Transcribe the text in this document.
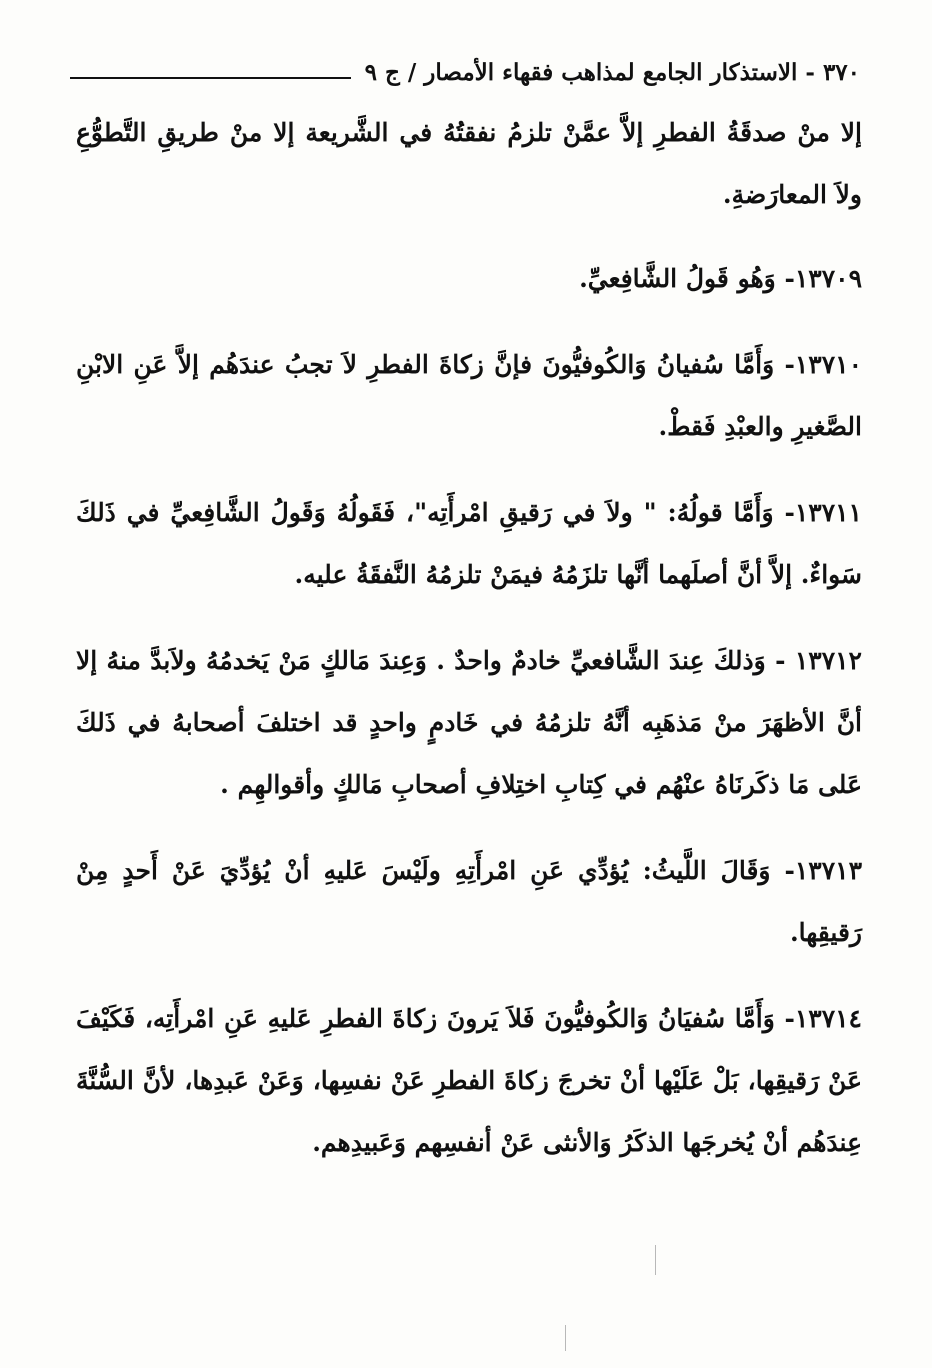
٣٧٠ - الاستذكار الجامع لمذاهب فقهاء الأمصار / ج ٩

إلا منْ صدقَةُ الفطرِ إلاَّ عمَّنْ تلزمُ نفقتُهُ في الشَّريعة إلا منْ طريقِ التَّطوُّعِ ولاَ المعارَضةِ.

١٣٧٠٩- وَهُو قَولُ الشَّافِعيِّ.

١٣٧١٠- وَأَمَّا سُفيانُ وَالكُوفيُّونَ فإنَّ زكاةَ الفطرِ لاَ تجبُ عندَهُم إلاَّ عَنِ الابْنِ الصَّغيرِ والعبْدِ فَقطْ.

١٣٧١١- وَأَمَّا قولُهُ: " ولاَ في رَقيقِ امْرأَتِه"، فَقَولُهُ وَقَولُ الشَّافِعيِّ في ذَلكَ سَواءٌ. إلاَّ أنَّ أصلَهما أنَّها تلزَمُهُ فيمَنْ تلزمُهُ النَّفقَةُ عليه.

١٣٧١٢ - وَذلكَ عِندَ الشَّافعيِّ خادمٌ واحدٌ . وَعِندَ مَالكٍ مَنْ يَخدمُهُ ولاَبدَّ منهُ إلا أنَّ الأظهَرَ منْ مَذهَبِه أنَّهُ تلزمُهُ في خَادمٍ واحدٍ قد اختلفَ أصحابهُ في ذَلكَ عَلى مَا ذكَرنَاهُ عنْهُم في كِتابِ اختِلافِ أصحابِ مَالكٍ وأقوالهِم .

١٣٧١٣- وَقَالَ اللَّيثُ: يُؤدِّي عَنِ امْرأَتِهِ ولَيْسَ عَليهِ أنْ يُؤدِّيَ عَنْ أَحدٍ مِنْ رَقيقِها.

١٣٧١٤- وَأَمَّا سُفيَانُ وَالكُوفيُّونَ فَلاَ يَرونَ زكاةَ الفطرِ عَليهِ عَنِ امْرأَتِه، فَكَيْفَ عَنْ رَقيقِها، بَلْ عَلَيْها أنْ تخرجَ زكاةَ الفطرِ عَنْ نفسِها، وَعَنْ عَبدِها، لأنَّ السُّنَّةَ عِندَهُم أنْ يُخرجَها الذكَرُ وَالأنثى عَنْ أنفسِهم وَعَبيدِهم.
